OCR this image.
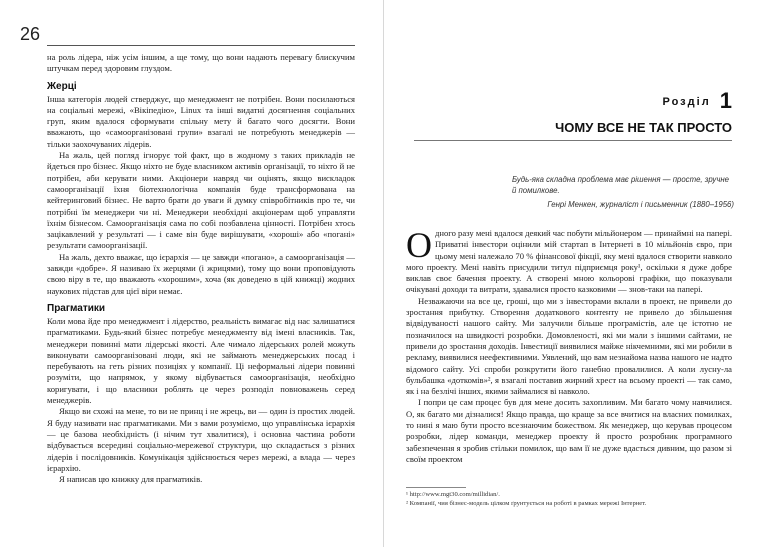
26

на роль лідера, ніж усім іншим, а ще тому, що вони надають перевагу блискучим штучкам перед здоровим глуздом.

Жерці

Інша категорія людей стверджує, що менеджмент не потрібен. Вони посилаються на соціальні мережі, «Вікіпедію», Linux та інші видатні досягнення соціальних груп, яким вдалося сформувати спільну мету й багато чого досягти. Вони вважають, що «самоорганізовані групи» взагалі не потребують менеджерів — тільки заохочуваних лідерів.

На жаль, цей погляд ігнорує той факт, що в жодному з таких прикладів не йдеться про бізнес. Якщо ніхто не буде власником активів організації, то ніхто й не потрібен, аби керувати ними. Акціонери навряд чи оцінять, якщо вискладок самоорганізації їхня біотехнологічна компанія буде трансформована на кейтеринговий бізнес. Не варто брати до уваги й думку співробітників про те, чи потрібні їм менеджери чи ні. Менеджери необхідні акціонерам щоб управляти їхнім бізнесом. Самоорганізація сама по собі позбавлена цінності. Потрібен хтось зацікавлений у результаті — і саме він буде вирішувати, «хороші» або «погані» результати самоорганізації.

На жаль, дехто вважає, що ієрархія — це завжди «погано», а самоорганізація — завжди «добре». Я називаю їх жерцями (і жрицями), тому що вони проповідують свою віру в те, що вважають «хорошим», хоча (як доведено в цій книжці) жодних наукових підстав для цієї віри немає.

Прагматики

Коли мова йде про менеджмент і лідерство, реальність вимагає від нас залишатися прагматиками. Будь-який бізнес потребує менеджменту від імені власників. Так, менеджери повинні мати лідерські якості. Але чимало лідерських ролей можуть виконувати самоорганізовані люди, які не займають менеджерських посад і перебувають на геть різних позиціях у компанії. Ці неформальні лідери повинні розуміти, що напрямок, у якому відбувається самоорганізація, необхідно коригувати, і що власники роблять це через розподіл повноважень серед менеджерів.

Якщо ви схожі на мене, то ви не принц і не жрець, ви — один із простих людей. Я буду називати нас прагматиками. Ми з вами розуміємо, що управлінська ієрархія — це базова необхідність (і нічим тут хвалитися), і основна частина роботи відбувається всередині соціально-мережевої структури, що складається з різних лідерів і послідовників. Комунікація здійснюється через мережі, а влада — через ієрархію.

Я написав цю книжку для прагматиків.

Розділ 1
ЧОМУ ВСЕ НЕ ТАК ПРОСТО

Будь-яка складна проблема має рішення — просте, зручне й помилкове.

Генрі Менкен, журналіст і письменник (1880–1956)

Одного разу мені вдалося деякий час побути мільйонером — принаймні на папері. Приватні інвестори оцінили мій стартап в Інтернеті в 10 мільйонів євро, при цьому мені належало 70 % фінансової фікції, яку мені вдалося створити навколо мого проекту. Мені навіть присудили титул підприємця року¹, оскільки я дуже добре виклав своє бачення проекту. А створені мною кольорові графіки, що показували очікувані доходи та витрати, здавалися просто казковими — знов-таки на папері.

Незважаючи на все це, гроші, що ми з інвесторами вклали в проект, не привели до зростання прибутку. Створення додаткового контенту не привело до збільшення відвідуваності нашого сайту. Ми залучили більше програмістів, але це істотно не позначилося на швидкості розробки. Домовленості, які ми мали з іншими сайтами, не привели до зростання доходів. Інвестиції виявилися майже нікчемними, які ми робили в рекламу, виявилися неефективними. Уявлений, що вам незнайома назва нашого не надто відомого сайту. Усі спроби розкрутити його ганебно провалилися. А коли лусну-ла бульбашка «доткомів»², я взагалі поставив жирний хрест на всьому проекті — так само, як і на безлічі інших, якими займалися ві навколо.

І попри це сам процес був для мене досить захопливим. Ми багато чому навчилися. О, як багато ми дізналися! Якщо правда, що краще за все вчитися на власних помилках, то нині я маю бути просто всезнаючим божеством. Як менеджер, що керував процесом розробки, лідер команди, менеджер проекту й просто розробник програмного забезпечення я зробив стільки помилок, що вам її не дуже вдасться дивним, що разом зі своїм проектом

¹ http://www.mgt30.com/millidian/.

² Компанії, чия бізнес-модель цілком ґрунтується на роботі в рамках мережі Інтернет.
